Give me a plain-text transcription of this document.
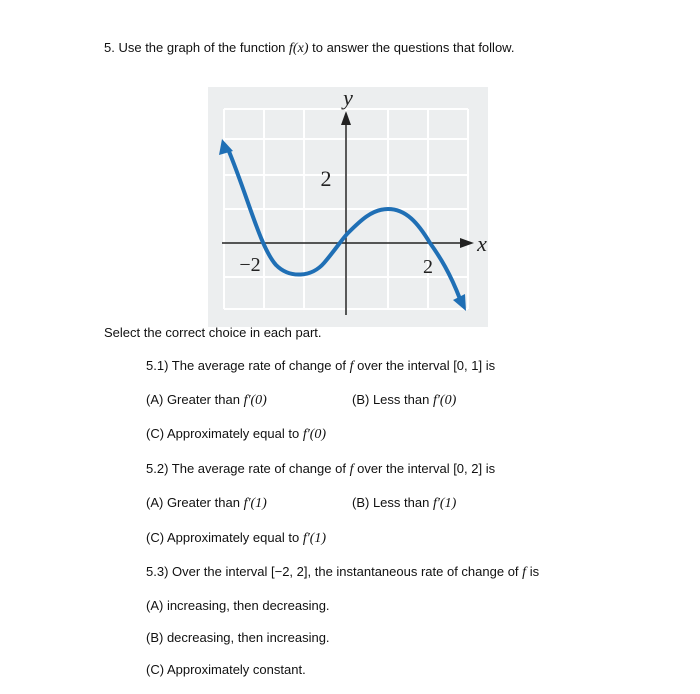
5. Use the graph of the function f(x) to answer the questions that follow.
y
x
2
−2	2
Select the correct choice in each part.
5.1) The average rate of change of f over the interval [0, 1] is
(A) Greater than f′(0)	(B) Less than f′(0)
(C) Approximately equal to f′(0)
5.2) The average rate of change of f over the interval [0, 2] is
(A) Greater than f′(1)	(B) Less than f′(1)
(C) Approximately equal to f′(1)
5.3) Over the interval [−2, 2], the instantaneous rate of change of f is
(A) increasing, then decreasing.
(B) decreasing, then increasing.
(C) Approximately constant.
